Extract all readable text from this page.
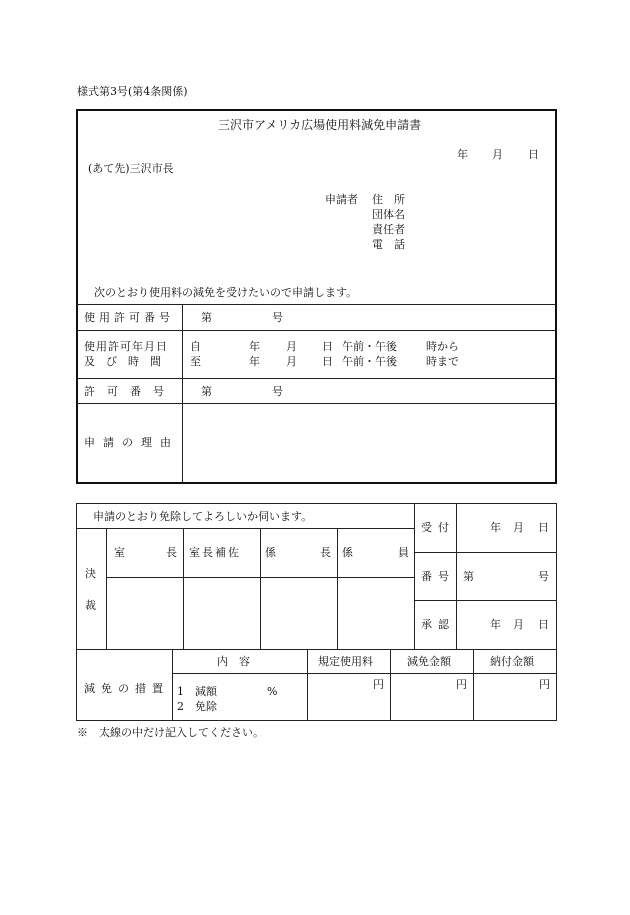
様式第3号(第4条関係)
三沢市アメリカ広場使用料減免申請書
年 月 日
(あて先)三沢市長
申請者 住　所
団体名
責任者
電　話
次のとおり使用料の減免を受けたいので申請します。
使用許可番号 第	号
使用許可年月日
及　び　時　間
自	年 月 日 午前・午後	時から
至	年 月 日 午前・午後	時まで
許可番号 第	号
申請の理由
申請のとおり免除してよろしいか伺います。
決
裁
室	長 室長補佐 係	長 係	員
受付	年 月 日
番号 第	号
承認	年 月 日
減免の措置
内　容	規定使用料	減免金額	納付金額
1　減額	%
2　免除
円	円	円
※　太線の中だけ記入してください。
